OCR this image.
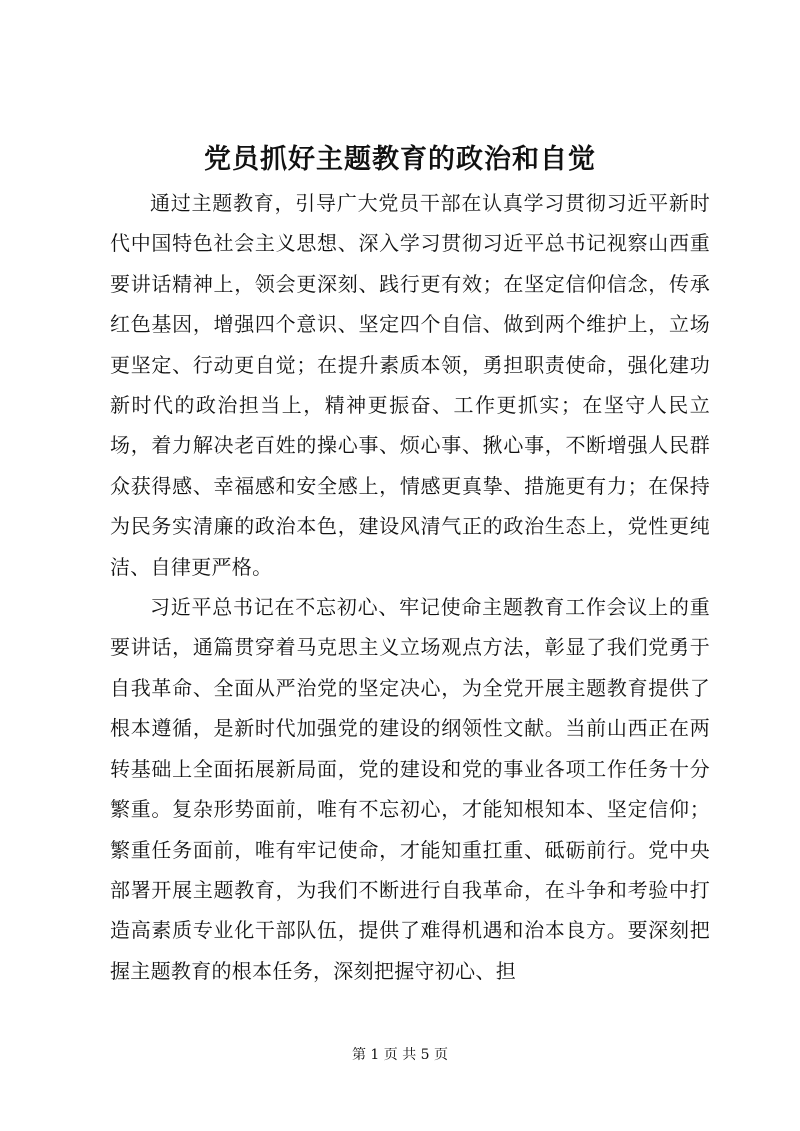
党员抓好主题教育的政治和自觉

通过主题教育，引导广大党员干部在认真学习贯彻习近平新时代中国特色社会主义思想、深入学习贯彻习近平总书记视察山西重要讲话精神上，领会更深刻、践行更有效；在坚定信仰信念，传承红色基因，增强四个意识、坚定四个自信、做到两个维护上，立场更坚定、行动更自觉；在提升素质本领，勇担职责使命，强化建功新时代的政治担当上，精神更振奋、工作更抓实；在坚守人民立场，着力解决老百姓的操心事、烦心事、揪心事，不断增强人民群众获得感、幸福感和安全感上，情感更真挚、措施更有力；在保持为民务实清廉的政治本色，建设风清气正的政治生态上，党性更纯洁、自律更严格。

习近平总书记在不忘初心、牢记使命主题教育工作会议上的重要讲话，通篇贯穿着马克思主义立场观点方法，彰显了我们党勇于自我革命、全面从严治党的坚定决心，为全党开展主题教育提供了根本遵循，是新时代加强党的建设的纲领性文献。当前山西正在两转基础上全面拓展新局面，党的建设和党的事业各项工作任务十分繁重。复杂形势面前，唯有不忘初心，才能知根知本、坚定信仰；繁重任务面前，唯有牢记使命，才能知重扛重、砥砺前行。党中央部署开展主题教育，为我们不断进行自我革命，在斗争和考验中打造高素质专业化干部队伍，提供了难得机遇和治本良方。要深刻把握主题教育的根本任务，深刻把握守初心、担

第 1 页 共 5 页
